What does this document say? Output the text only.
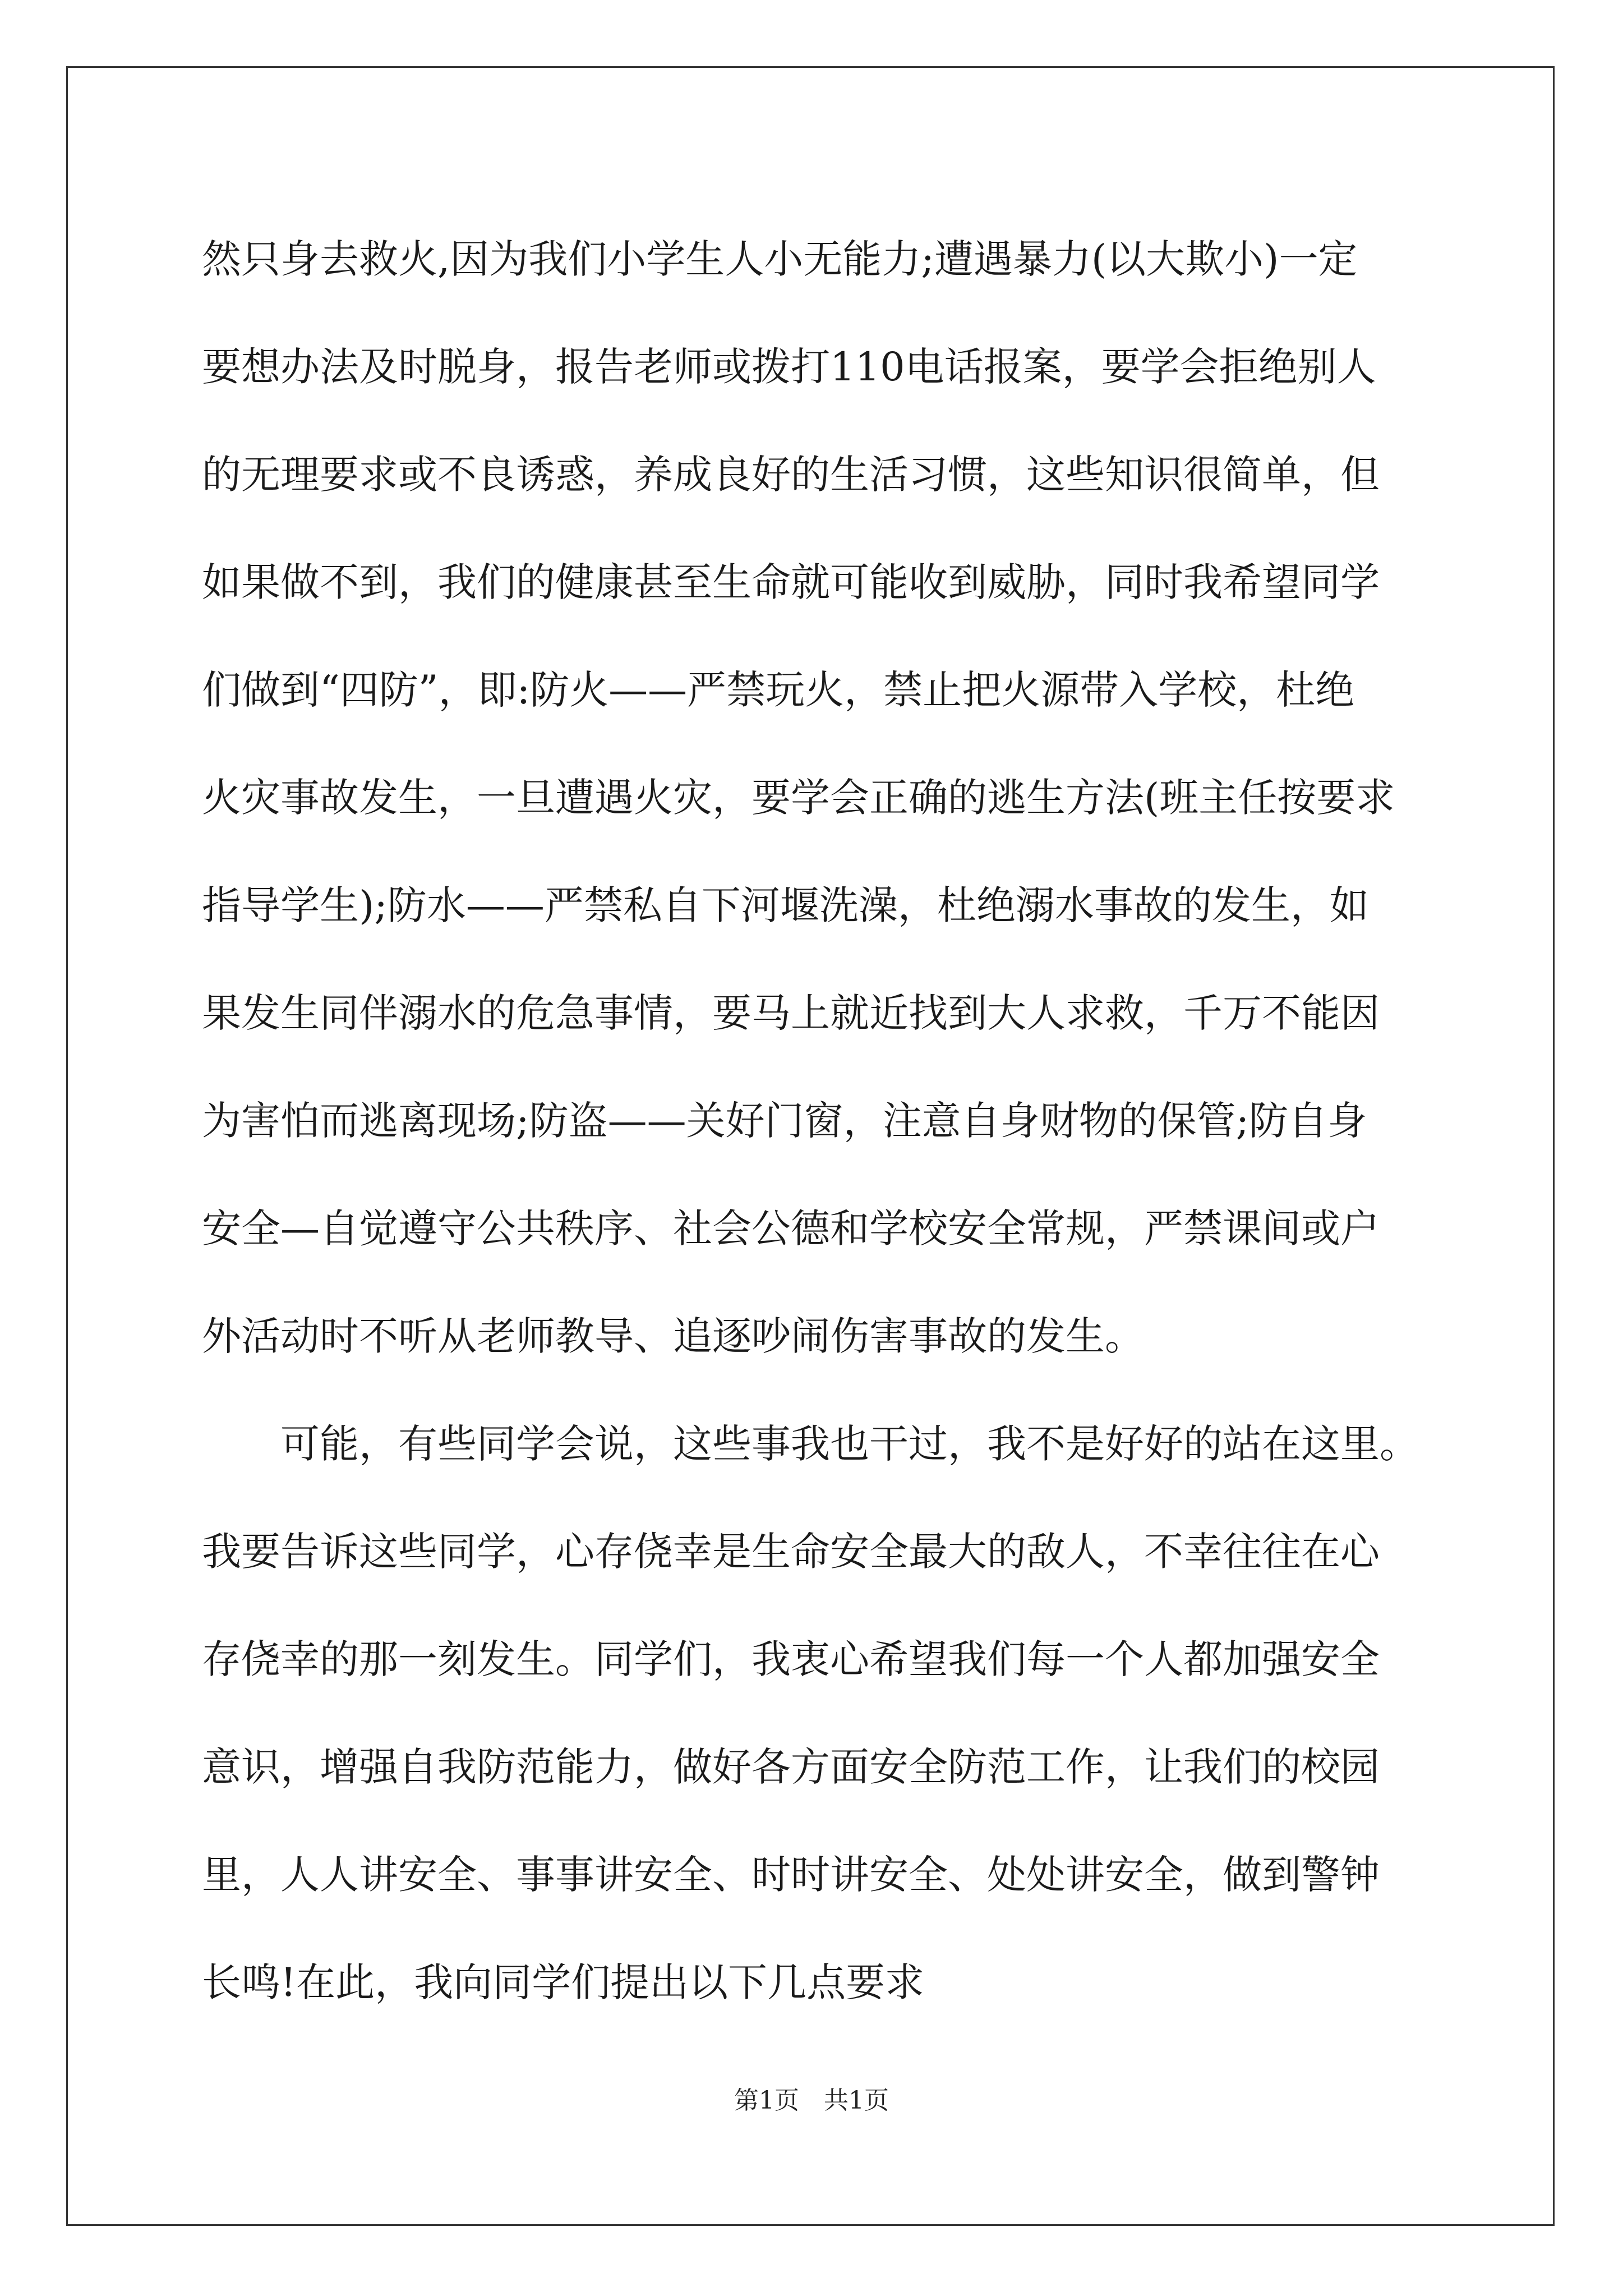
然只身去救火,因为我们小学生人小无能力;遭遇暴力(以大欺小)一定
要想办法及时脱身，报告老师或拨打110电话报案，要学会拒绝别人
的无理要求或不良诱惑，养成良好的生活习惯，这些知识很简单，但
如果做不到，我们的健康甚至生命就可能收到威胁，同时我希望同学
们做到“四防”，即:防火——严禁玩火，禁止把火源带入学校，杜绝
火灾事故发生，一旦遭遇火灾，要学会正确的逃生方法(班主任按要求
指导学生);防水——严禁私自下河堰洗澡，杜绝溺水事故的发生，如
果发生同伴溺水的危急事情，要马上就近找到大人求救，千万不能因
为害怕而逃离现场;防盗——关好门窗，注意自身财物的保管;防自身
安全—自觉遵守公共秩序、社会公德和学校安全常规，严禁课间或户
外活动时不听从老师教导、追逐吵闹伤害事故的发生。
可能，有些同学会说，这些事我也干过，我不是好好的站在这里。
我要告诉这些同学，心存侥幸是生命安全最大的敌人，不幸往往在心
存侥幸的那一刻发生。同学们，我衷心希望我们每一个人都加强安全
意识，增强自我防范能力，做好各方面安全防范工作，让我们的校园
里，人人讲安全、事事讲安全、时时讲安全、处处讲安全，做到警钟
长鸣!在此，我向同学们提出以下几点要求
第1页　共1页
